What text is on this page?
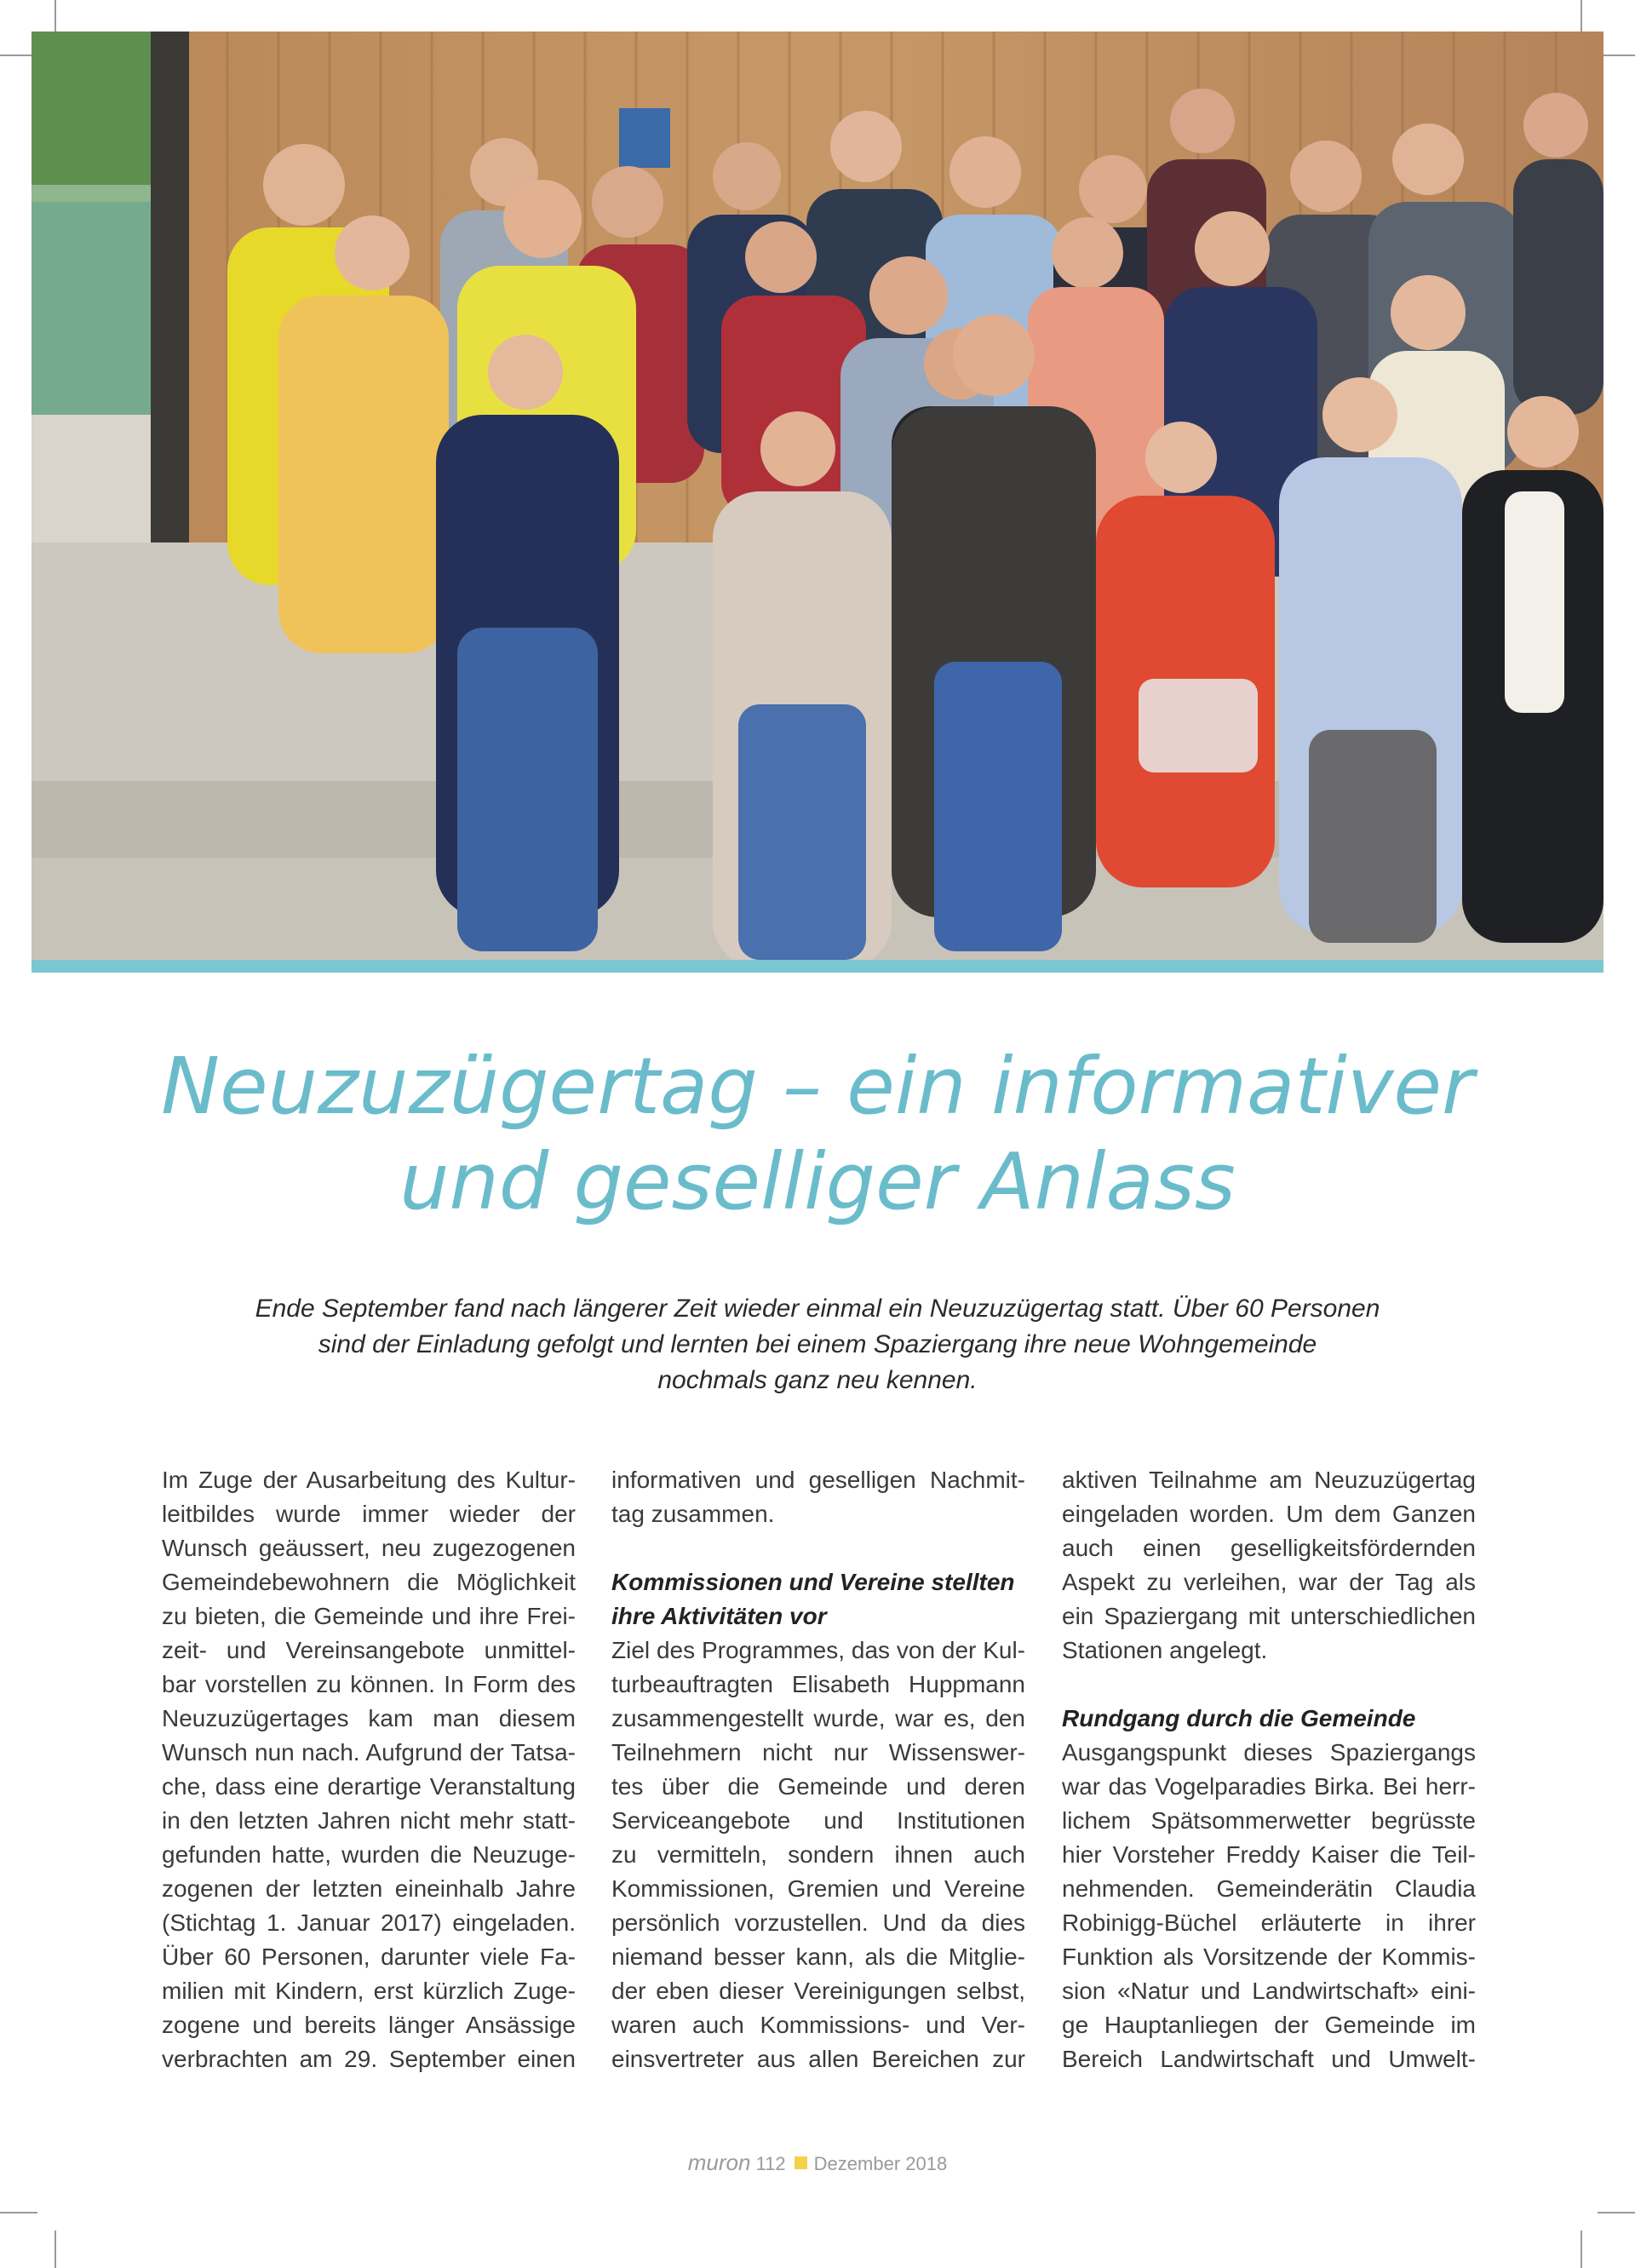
Neuzuzügertag – ein informativer
und geselliger Anlass

Ende September fand nach längerer Zeit wieder einmal ein Neuzuzügertag statt. Über 60 Personen
sind der Einladung gefolgt und lernten bei einem Spaziergang ihre neue Wohngemeinde
nochmals ganz neu kennen.

Im Zuge der Ausarbeitung des Kultur-
leitbildes wurde immer wieder der
Wunsch geäussert, neu zugezogenen
Gemeindebewohnern die Möglichkeit
zu bieten, die Gemeinde und ihre Frei-
zeit- und Vereinsangebote unmittel-
bar vorstellen zu können. In Form des
Neuzuzügertages kam man diesem
Wunsch nun nach. Aufgrund der Tatsa-
che, dass eine derartige Veranstaltung
in den letzten Jahren nicht mehr statt-
gefunden hatte, wurden die Neuzuge-
zogenen der letzten eineinhalb Jahre
(Stichtag 1. Januar 2017) eingeladen.
Über 60 Personen, darunter viele Fa-
milien mit Kindern, erst kürzlich Zuge-
zogene und bereits länger Ansässige
verbrachten am 29. September einen
informativen und geselligen Nachmit-
tag zusammen.
Kommissionen und Vereine stellten
ihre Aktivitäten vor
Ziel des Programmes, das von der Kul-
turbeauftragten Elisabeth Huppmann
zusammengestellt wurde, war es, den
Teilnehmern nicht nur Wissenswer-
tes über die Gemeinde und deren
Serviceangebote und Institutionen
zu vermitteln, sondern ihnen auch
Kommissionen, Gremien und Vereine
persönlich vorzustellen. Und da dies
niemand besser kann, als die Mitglie-
der eben dieser Vereinigungen selbst,
waren auch Kommissions- und Ver-
einsvertreter aus allen Bereichen zur
aktiven Teilnahme am Neuzuzügertag
eingeladen worden. Um dem Ganzen
auch einen geselligkeitsfördernden
Aspekt zu verleihen, war der Tag als
ein Spaziergang mit unterschiedlichen
Stationen angelegt.
Rundgang durch die Gemeinde
Ausgangspunkt dieses Spaziergangs
war das Vogelparadies Birka. Bei herr-
lichem Spätsommerwetter begrüsste
hier Vorsteher Freddy Kaiser die Teil-
nehmenden. Gemeinderätin Claudia
Robinigg-Büchel erläuterte in ihrer
Funktion als Vorsitzende der Kommis-
sion «Natur und Landwirtschaft» eini-
ge Hauptanliegen der Gemeinde im
Bereich Landwirtschaft und Umwelt-
muron 112 Dezember 2018
